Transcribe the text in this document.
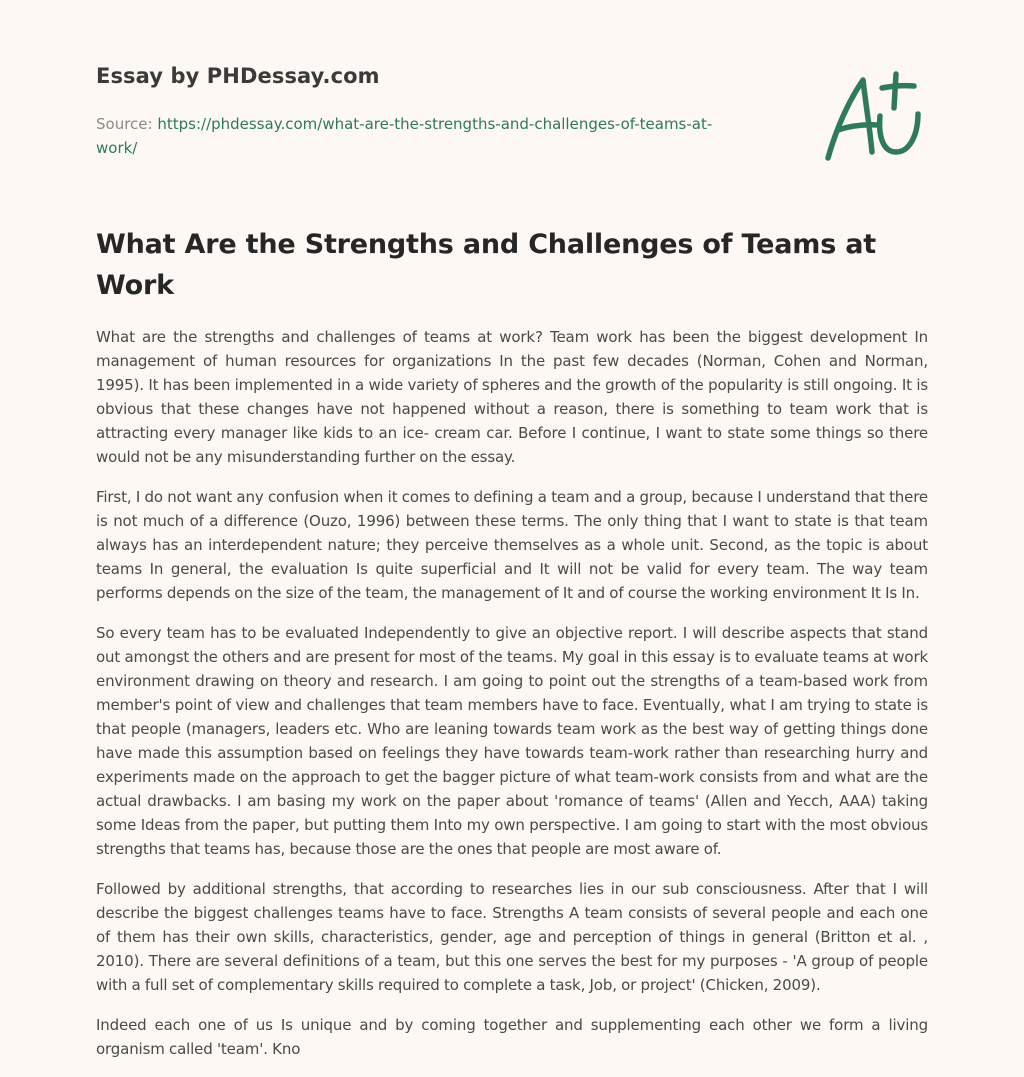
Essay by PHDessay.com
Source: https://phdessay.com/what-are-the-strengths-and-challenges-of-teams-at-work/
What Are the Strengths and Challenges of Teams at Work

What are the strengths and challenges of teams at work? Team work has been the biggest development In management of human resources for organizations In the past few decades (Norman, Cohen and Norman, 1995). It has been implemented in a wide variety of spheres and the growth of the popularity is still ongoing. It is obvious that these changes have not happened without a reason, there is something to team work that is attracting every manager like kids to an ice- cream car. Before I continue, I want to state some things so there would not be any misunderstanding further on the essay.

First, I do not want any confusion when it comes to defining a team and a group, because I understand that there is not much of a difference (Ouzo, 1996) between these terms. The only thing that I want to state is that team always has an interdependent nature; they perceive themselves as a whole unit. Second, as the topic is about teams In general, the evaluation Is quite superficial and It will not be valid for every team. The way team performs depends on the size of the team, the management of It and of course the working environment It Is In.

So every team has to be evaluated Independently to give an objective report. I will describe aspects that stand out amongst the others and are present for most of the teams. My goal in this essay is to evaluate teams at work environment drawing on theory and research. I am going to point out the strengths of a team-based work from member's point of view and challenges that team members have to face. Eventually, what I am trying to state is that people (managers, leaders etc. Who are leaning towards team work as the best way of getting things done have made this assumption based on feelings they have towards team-work rather than researching hurry and experiments made on the approach to get the bagger picture of what team-work consists from and what are the actual drawbacks. I am basing my work on the paper about 'romance of teams' (Allen and Yecch, AAA) taking some Ideas from the paper, but putting them Into my own perspective. I am going to start with the most obvious strengths that teams has, because those are the ones that people are most aware of.

Followed by additional strengths, that according to researches lies in our sub consciousness. After that I will describe the biggest challenges teams have to face. Strengths A team consists of several people and each one of them has their own skills, characteristics, gender, age and perception of things in general (Britton et al. , 2010). There are several definitions of a team, but this one serves the best for my purposes - 'A group of people with a full set of complementary skills required to complete a task, Job, or project' (Chicken, 2009).

Indeed each one of us Is unique and by coming together and supplementing each other we form a living organism called 'team'. Kno
